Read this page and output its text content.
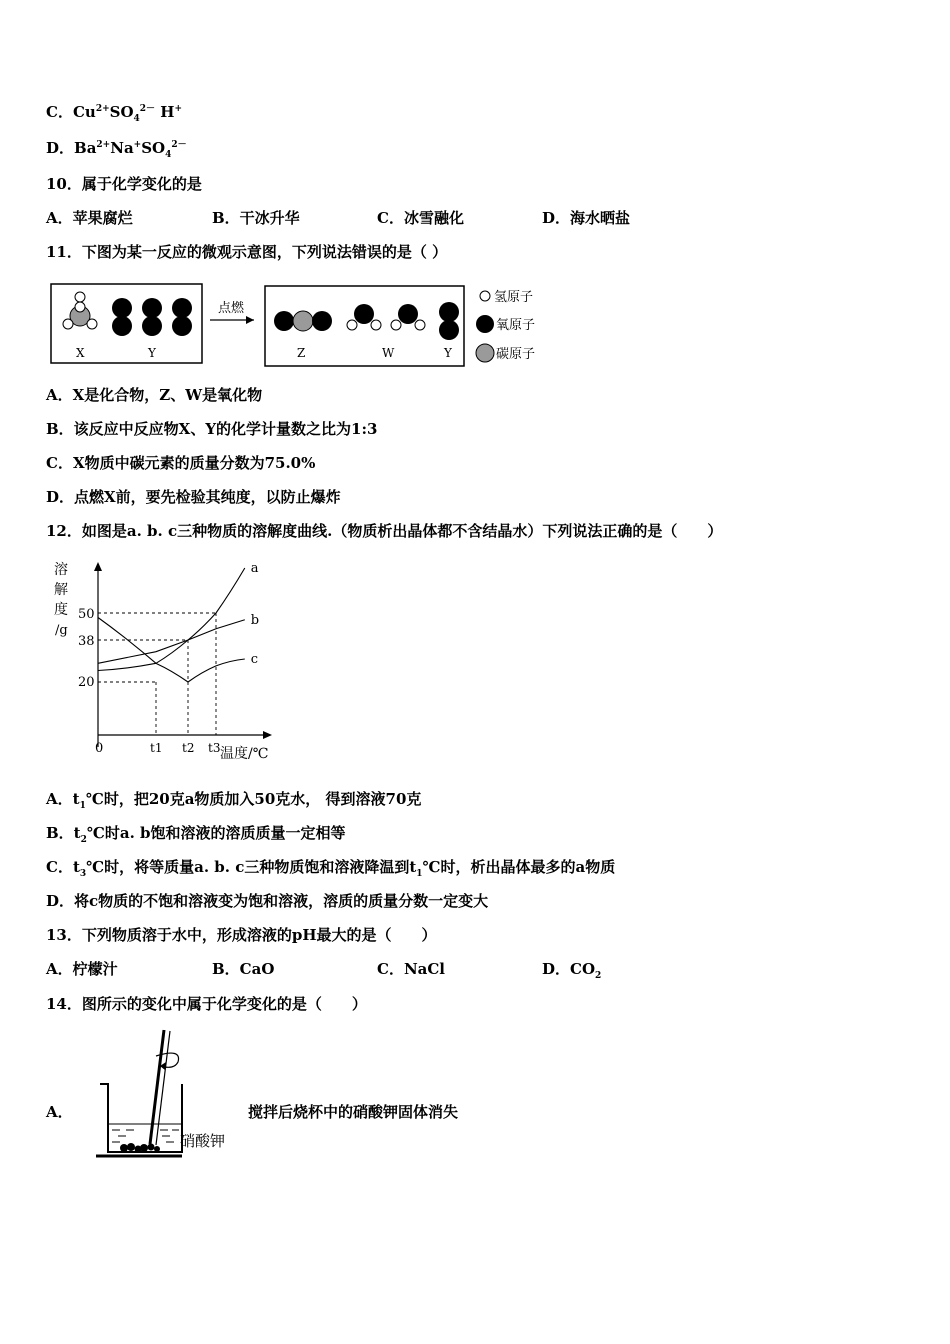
C．$Cu^{2+}SO_4^{2-}$ H+
D．$Ba^{2+}Na^+SO_4^{2-}$
10．属于化学变化的是
A．苹果腐烂	B．干冰升华	C．冰雪融化	D．海水晒盐
11．下图为某一反应的微观示意图，下列说法错误的是（ ）
X	Y
点燃
Z	W	Y
氢原子
氧原子
碳原子
A．X是化合物，Z、W是氧化物
B．该反应中反应物X、Y的化学计量数之比为1:3
C．X物质中碳元素的质量分数为75.0%
D．点燃X前，要先检验其纯度，以防止爆炸
12．如图是a. b. c三种物质的溶解度曲线.（物质析出晶体都不含结晶水）下列说法正确的是（　　）
溶
解
度
/g
50
38
20
0	t1 t2 t3 温度/℃
a
b
c
A．$t_1℃$时，把20克a物质加入50克水， 得到溶液70克
B．$t_2℃$时a. b饱和溶液的溶质质量一定相等
C．$t_3℃$时，将等质量a. b. c三种物质饱和溶液降温到$t_1℃$时，析出晶体最多的a物质
D．将c物质的不饱和溶液变为饱和溶液，溶质的质量分数一定变大
13．下列物质溶于水中，形成溶液的pH最大的是（　　）
A．柠檬汁	B．CaO	C．NaCl	D．$CO_2$
14．图所示的变化中属于化学变化的是（　　）
A．
硝酸钾
搅拌后烧杯中的硝酸钾固体消失
